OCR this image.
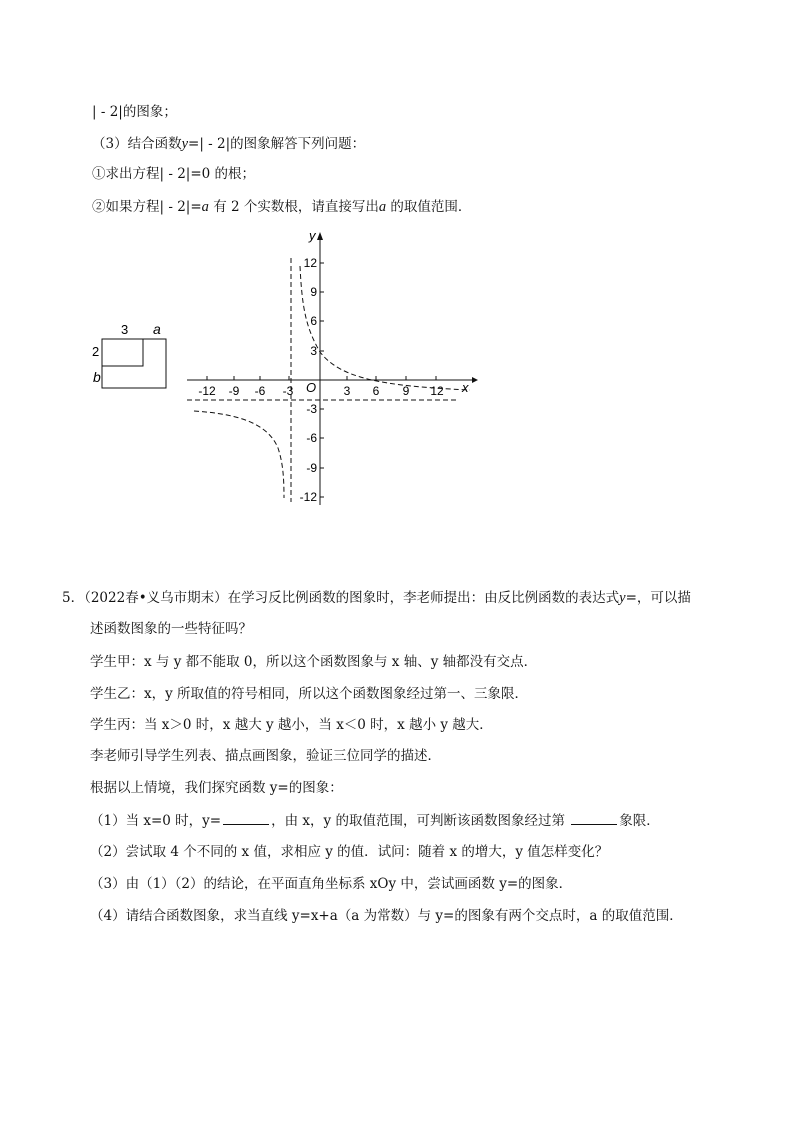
| - 2|的图象；
（3）结合函数y=| - 2|的图象解答下列问题：
①求出方程| - 2|=0 的根；
②如果方程| - 2|=a 有 2 个实数根，请直接写出a 的取值范围．
3 a
2
b
y
x
O
12
9
6
3
-3
-6
-9
-12
-12 -9 -6 -3	3 6 9 12
5．（2022春•义乌市期末）在学习反比例函数的图象时，李老师提出：由反比例函数的表达式y=，可以描
述函数图象的一些特征吗？
学生甲：x 与 y 都不能取 0，所以这个函数图象与 x 轴、y 轴都没有交点．
学生乙：x，y 所取值的符号相同，所以这个函数图象经过第一、三象限．
学生丙：当 x＞0 时，x 越大 y 越小，当 x＜0 时，x 越小 y 越大．
李老师引导学生列表、描点画图象，验证三位同学的描述．
根据以上情境，我们探究函数 y=的图象：
（1）当 x=0 时，y=	，由 x，y 的取值范围，可判断该函数图象经过第	象限．
（2）尝试取 4 个不同的 x 值，求相应 y 的值．试问：随着 x 的增大，y 值怎样变化？
（3）由（1）（2）的结论，在平面直角坐标系 xOy 中，尝试画函数 y=的图象．
（4）请结合函数图象，求当直线 y=x+a（a 为常数）与 y=的图象有两个交点时，a 的取值范围．
